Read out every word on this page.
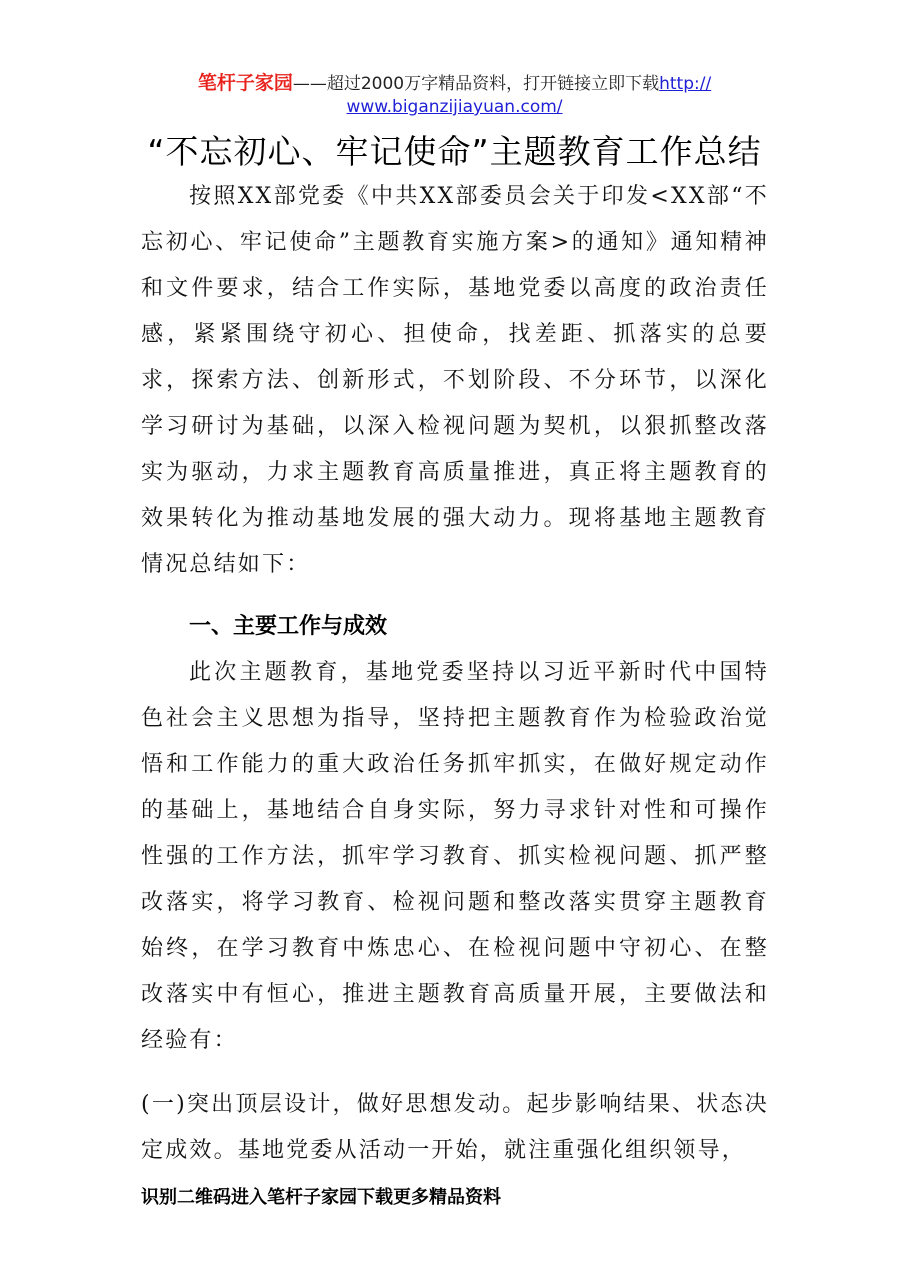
笔杆子家园——超过2000万字精品资料，打开链接立即下载http://
www.biganzijiayuan.com/
“不忘初心、牢记使命”主题教育工作总结
按照XX部党委《中共XX部委员会关于印发<XX部“不忘初心、牢记使命”主题教育实施方案>的通知》通知精神和文件要求，结合工作实际，基地党委以高度的政治责任感，紧紧围绕守初心、担使命，找差距、抓落实的总要求，探索方法、创新形式，不划阶段、不分环节，以深化学习研讨为基础，以深入检视问题为契机，以狠抓整改落实为驱动，力求主题教育高质量推进，真正将主题教育的效果转化为推动基地发展的强大动力。现将基地主题教育情况总结如下：
一、主要工作与成效
此次主题教育，基地党委坚持以习近平新时代中国特色社会主义思想为指导，坚持把主题教育作为检验政治觉悟和工作能力的重大政治任务抓牢抓实，在做好规定动作的基础上，基地结合自身实际，努力寻求针对性和可操作性强的工作方法，抓牢学习教育、抓实检视问题、抓严整改落实，将学习教育、检视问题和整改落实贯穿主题教育始终，在学习教育中炼忠心、在检视问题中守初心、在整改落实中有恒心，推进主题教育高质量开展，主要做法和经验有：
(一)突出顶层设计，做好思想发动。起步影响结果、状态决定成效。基地党委从活动一开始，就注重强化组织领导，
识别二维码进入笔杆子家园下载更多精品资料
